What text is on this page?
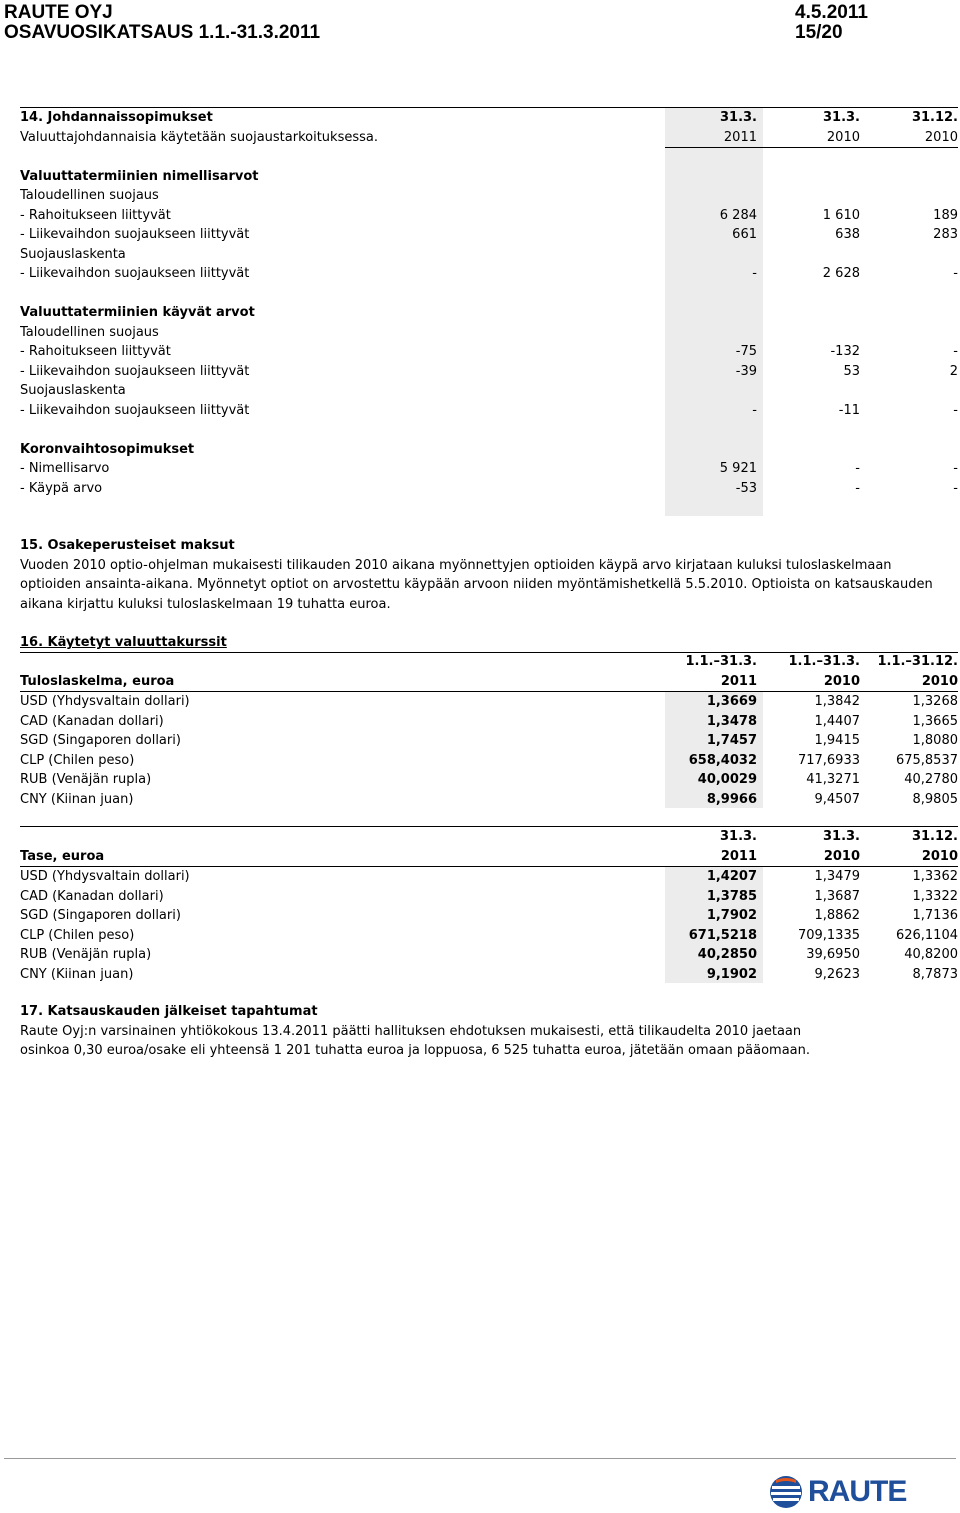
RAUTE OYJ
OSAVUOSIKATSAUS 1.1.-31.3.2011
4.5.2011
15/20
14. Johdannaissopimukset	31.3.	31.3.	31.12.
Valuuttajohdannaisia käytetään suojaustarkoituksessa.	2011	2010	2010
Valuuttatermiinien nimellisarvot
Taloudellinen suojaus
- Rahoitukseen liittyvät	6 284	1 610	189
- Liikevaihdon suojaukseen liittyvät	661	638	283
Suojauslaskenta
- Liikevaihdon suojaukseen liittyvät	-	2 628	-
Valuuttatermiinien käyvät arvot
Taloudellinen suojaus
- Rahoitukseen liittyvät	-75	-132	-
- Liikevaihdon suojaukseen liittyvät	-39	53	2
Suojauslaskenta
- Liikevaihdon suojaukseen liittyvät	-	-11	-
Koronvaihtosopimukset
- Nimellisarvo	5 921	-	-
- Käypä arvo	-53	-	-
15. Osakeperusteiset maksut
Vuoden 2010 optio-ohjelman mukaisesti tilikauden 2010 aikana myönnettyjen optioiden käypä arvo kirjataan kuluksi tuloslaskelmaan
optioiden ansainta-aikana. Myönnetyt optiot on arvostettu käypään arvoon niiden myöntämishetkellä 5.5.2010. Optioista on katsauskauden
aikana kirjattu kuluksi tuloslaskelmaan 19 tuhatta euroa.
16. Käytetyt valuuttakurssit
1.1.–31.3.	1.1.–31.3.	1.1.–31.12.
Tuloslaskelma, euroa	2011	2010	2010
USD (Yhdysvaltain dollari)	1,3669	1,3842	1,3268
CAD (Kanadan dollari)	1,3478	1,4407	1,3665
SGD (Singaporen dollari)	1,7457	1,9415	1,8080
CLP (Chilen peso)	658,4032	717,6933	675,8537
RUB (Venäjän rupla)	40,0029	41,3271	40,2780
CNY (Kiinan juan)	8,9966	9,4507	8,9805
31.3.	31.3.	31.12.
Tase, euroa	2011	2010	2010
USD (Yhdysvaltain dollari)	1,4207	1,3479	1,3362
CAD (Kanadan dollari)	1,3785	1,3687	1,3322
SGD (Singaporen dollari)	1,7902	1,8862	1,7136
CLP (Chilen peso)	671,5218	709,1335	626,1104
RUB (Venäjän rupla)	40,2850	39,6950	40,8200
CNY (Kiinan juan)	9,1902	9,2623	8,7873
17. Katsauskauden jälkeiset tapahtumat
Raute Oyj:n varsinainen yhtiökokous 13.4.2011 päätti hallituksen ehdotuksen mukaisesti, että tilikaudelta 2010 jaetaan
osinkoa 0,30 euroa/osake eli yhteensä 1 201 tuhatta euroa ja loppuosa, 6 525 tuhatta euroa, jätetään omaan pääomaan.
RAUTE
